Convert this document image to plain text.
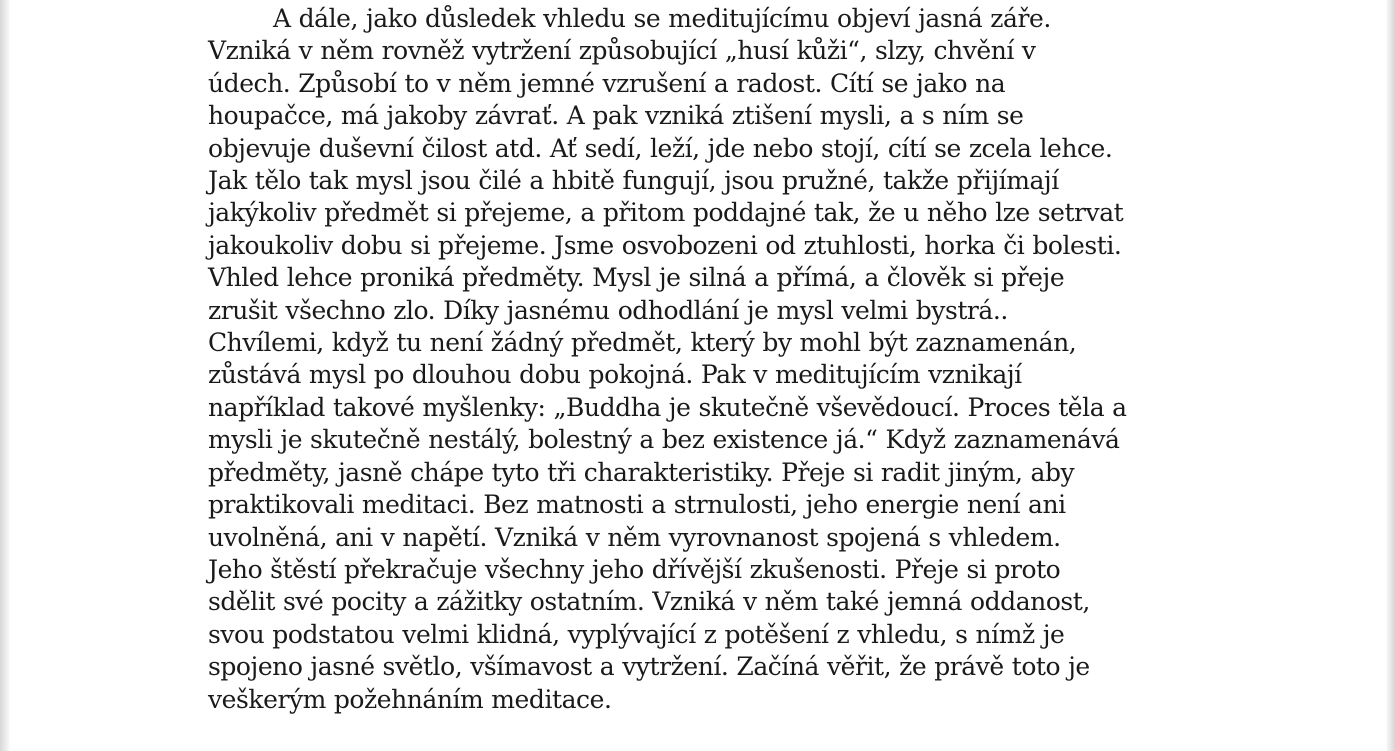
A dále, jako důsledek vhledu se meditujícímu objeví jasná záře.
Vzniká v něm rovněž vytržení způsobující „husí kůži“, slzy, chvění v
údech. Způsobí to v něm jemné vzrušení a radost. Cítí se jako na
houpačce, má jakoby závrať. A pak vzniká ztišení mysli, a s ním se
objevuje duševní čilost atd. Ať sedí, leží, jde nebo stojí, cítí se zcela lehce.
Jak tělo tak mysl jsou čilé a hbitě fungují, jsou pružné, takže přijímají
jakýkoliv předmět si přejeme, a přitom poddajné tak, že u něho lze setrvat
jakoukoliv dobu si přejeme. Jsme osvobozeni od ztuhlosti, horka či bolesti.
Vhled lehce proniká předměty. Mysl je silná a přímá, a člověk si přeje
zrušit všechno zlo. Díky jasnému odhodlání je mysl velmi bystrá..
Chvílemi, když tu není žádný předmět, který by mohl být zaznamenán,
zůstává mysl po dlouhou dobu pokojná. Pak v meditujícím vznikají
například takové myšlenky: „Buddha je skutečně vševědoucí. Proces těla a
mysli je skutečně nestálý, bolestný a bez existence já.“ Když zaznamenává
předměty, jasně chápe tyto tři charakteristiky. Přeje si radit jiným, aby
praktikovali meditaci. Bez matnosti a strnulosti, jeho energie není ani
uvolněná, ani v napětí. Vzniká v něm vyrovnanost spojená s vhledem.
Jeho štěstí překračuje všechny jeho dřívější zkušenosti. Přeje si proto
sdělit své pocity a zážitky ostatním. Vzniká v něm také jemná oddanost,
svou podstatou velmi klidná, vyplývající z potěšení z vhledu, s nímž je
spojeno jasné světlo, všímavost a vytržení. Začíná věřit, že právě toto je
veškerým požehnáním meditace.
